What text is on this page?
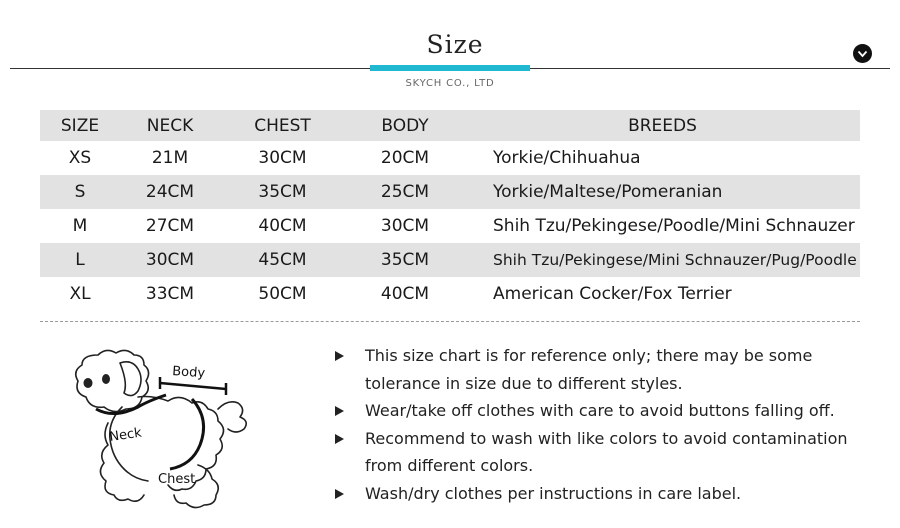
Size
SKYCH CO., LTD
SIZE	NECK	CHEST	BODY	BREEDS
XS	21M	30CM	20CM	Yorkie/Chihuahua
S	24CM	35CM	25CM	Yorkie/Maltese/Pomeranian
M	27CM	40CM	30CM	Shih Tzu/Pekingese/Poodle/Mini Schnauzer
L	30CM	45CM	35CM	Shih Tzu/Pekingese/Mini Schnauzer/Pug/Poodle
XL	33CM	50CM	40CM	American Cocker/Fox Terrier
Body
Neck
Chest

This size chart is for reference only; there may be some tolerance in size due to different styles.

Wear/take off clothes with care to avoid buttons falling off.

Recommend to wash with like colors to avoid contamination from different colors.

Wash/dry clothes per instructions in care label.
